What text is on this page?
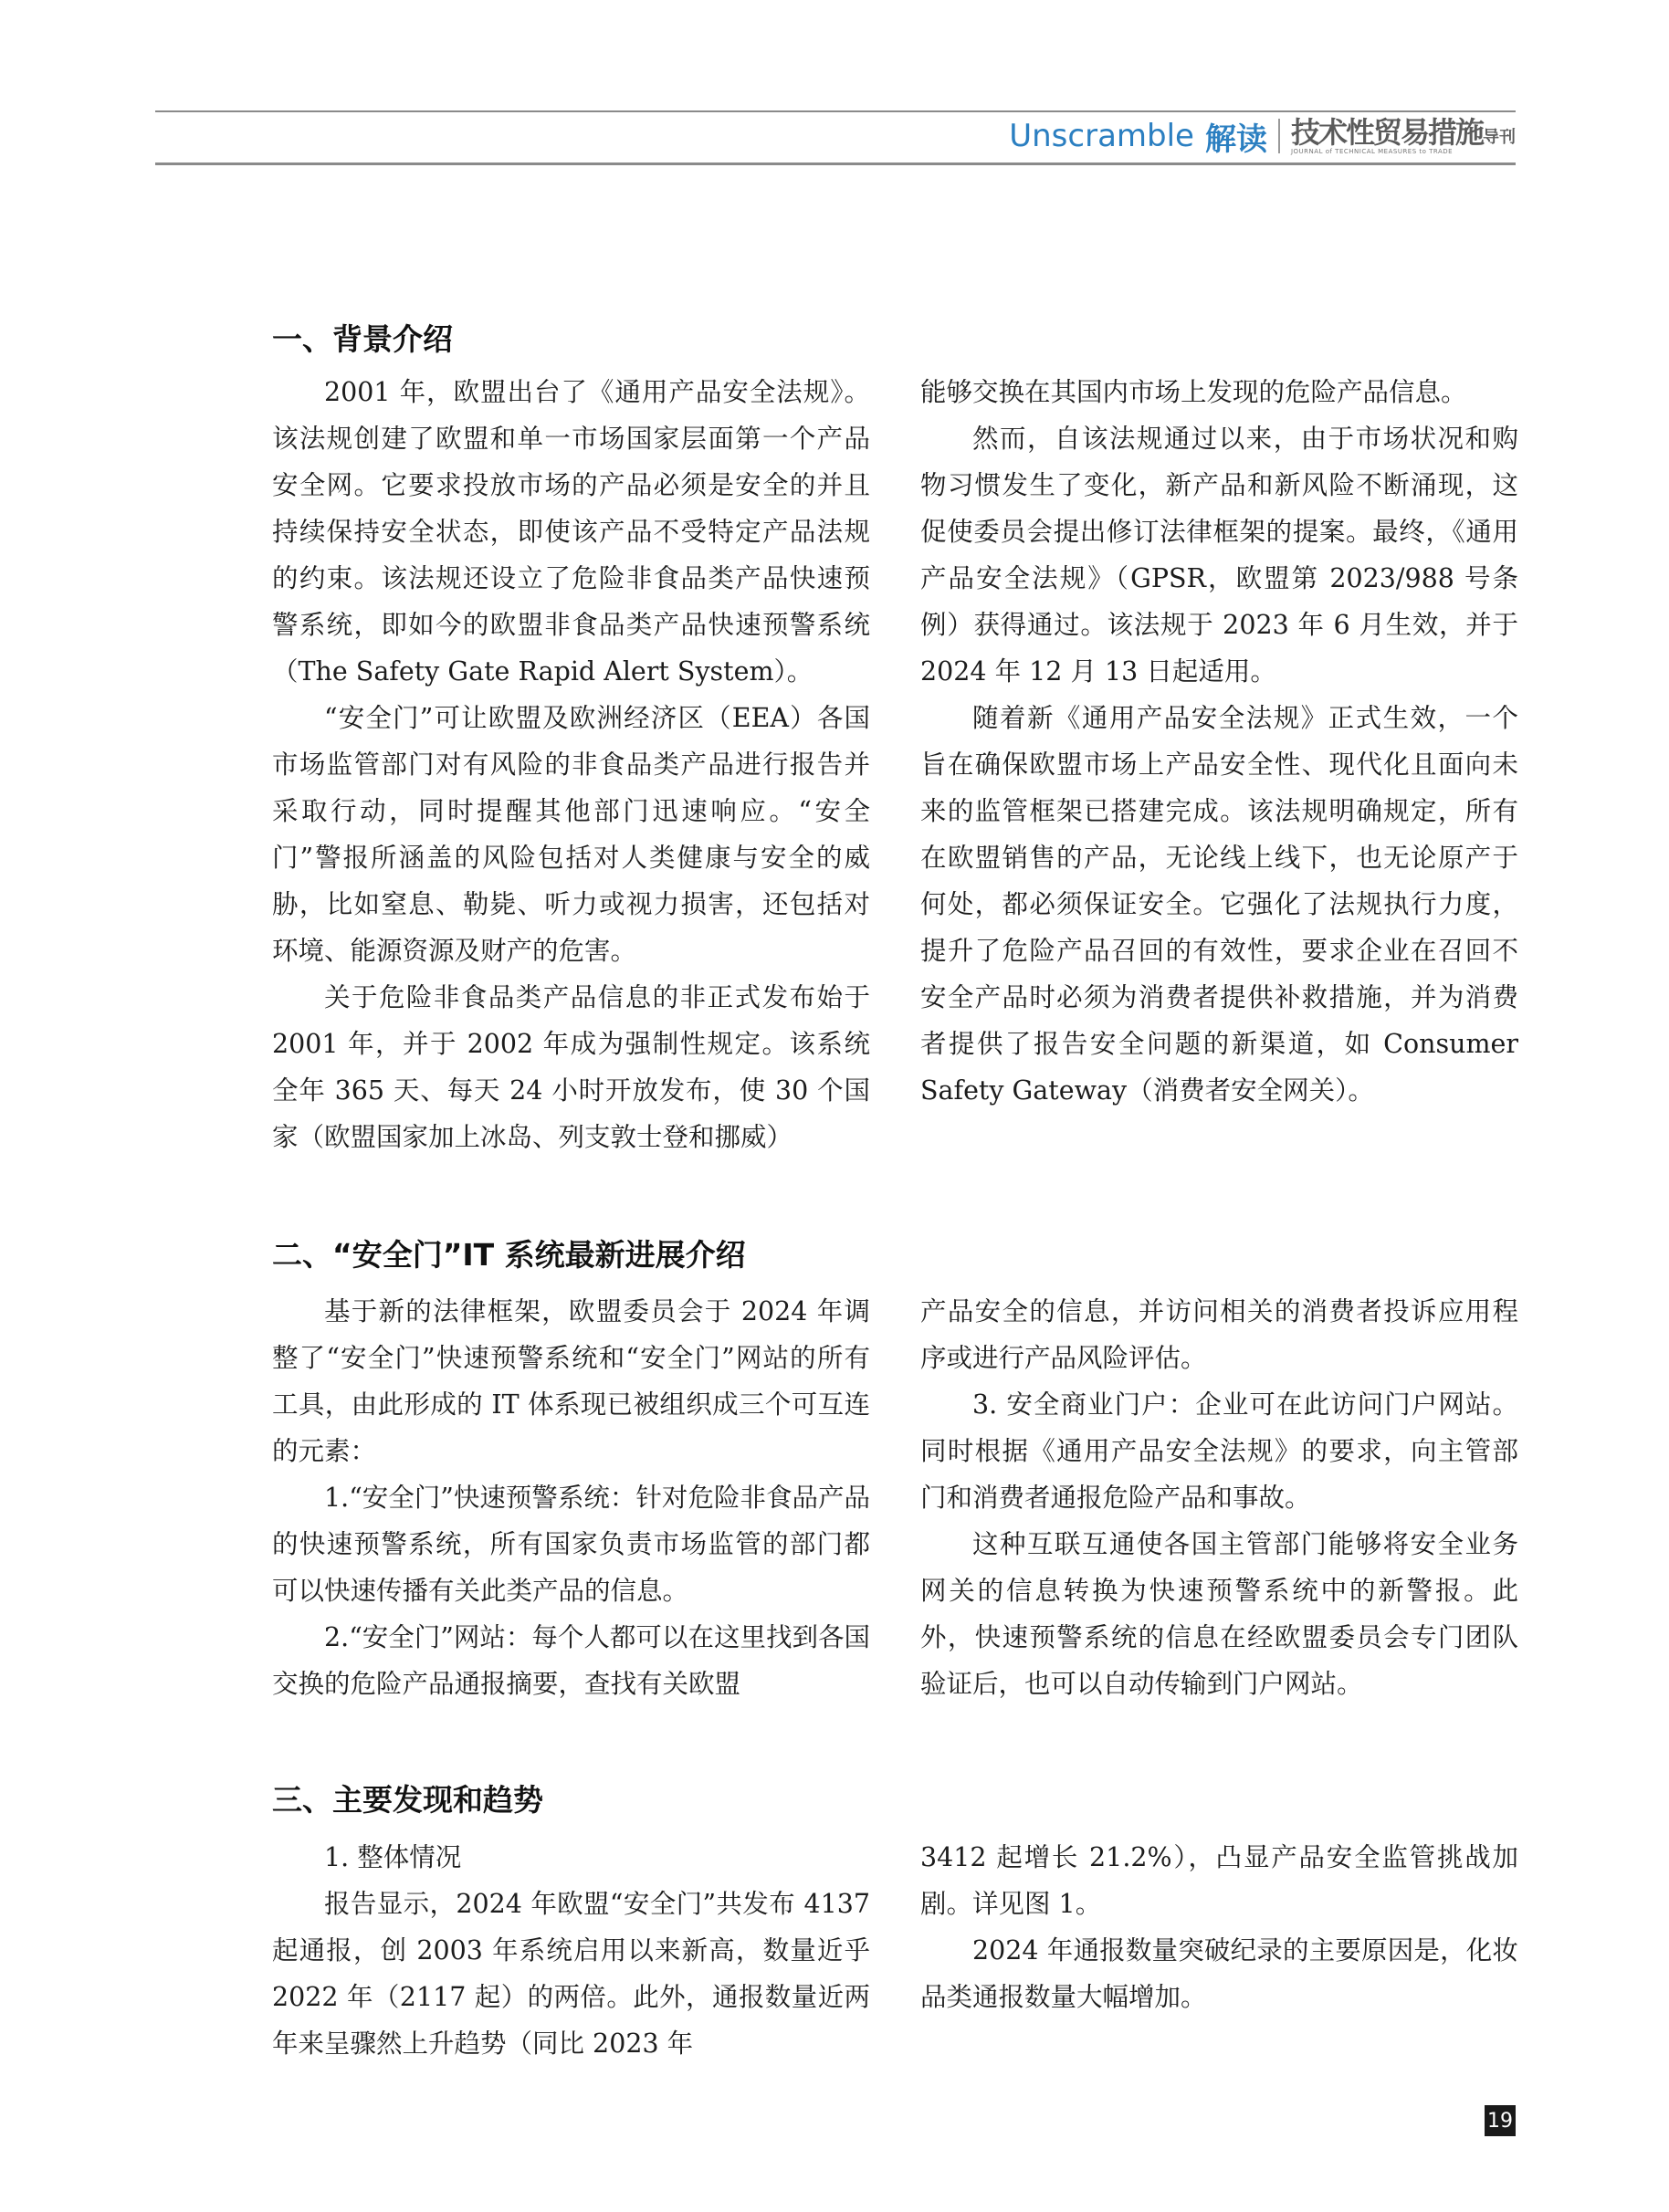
Unscramble 解读 技术性贸易措施导刊
JOURNAL of TECHNICAL MEASURES to TRADE
一、背景介绍

2001 年，欧盟出台了《通用产品安全法规》。该法规创建了欧盟和单一市场国家层面第一个产品安全网。它要求投放市场的产品必须是安全的并且持续保持安全状态，即使该产品不受特定产品法规的约束。该法规还设立了危险非食品类产品快速预警系统，即如今的欧盟非食品类产品快速预警系统（The Safety Gate Rapid Alert System）。

“安全门”可让欧盟及欧洲经济区（EEA）各国市场监管部门对有风险的非食品类产品进行报告并采取行动，同时提醒其他部门迅速响应。“安全门”警报所涵盖的风险包括对人类健康与安全的威胁，比如窒息、勒毙、听力或视力损害，还包括对环境、能源资源及财产的危害。

关于危险非食品类产品信息的非正式发布始于 2001 年，并于 2002 年成为强制性规定。该系统全年 365 天、每天 24 小时开放发布，使 30 个国家（欧盟国家加上冰岛、列支敦士登和挪威）

能够交换在其国内市场上发现的危险产品信息。

然而，自该法规通过以来，由于市场状况和购物习惯发生了变化，新产品和新风险不断涌现，这促使委员会提出修订法律框架的提案。最终，《通用产品安全法规》（GPSR，欧盟第 2023/988 号条例）获得通过。该法规于 2023 年 6 月生效，并于 2024 年 12 月 13 日起适用。

随着新《通用产品安全法规》正式生效，一个旨在确保欧盟市场上产品安全性、现代化且面向未来的监管框架已搭建完成。该法规明确规定，所有在欧盟销售的产品，无论线上线下，也无论原产于何处，都必须保证安全。它强化了法规执行力度，提升了危险产品召回的有效性，要求企业在召回不安全产品时必须为消费者提供补救措施，并为消费者提供了报告安全问题的新渠道，如 Consumer Safety Gateway（消费者安全网关）。

二、“安全门”IT 系统最新进展介绍

基于新的法律框架，欧盟委员会于 2024 年调整了“安全门”快速预警系统和“安全门”网站的所有工具，由此形成的 IT 体系现已被组织成三个可互连的元素：

1.“安全门”快速预警系统：针对危险非食品产品的快速预警系统，所有国家负责市场监管的部门都可以快速传播有关此类产品的信息。

2.“安全门”网站：每个人都可以在这里找到各国交换的危险产品通报摘要，查找有关欧盟

产品安全的信息，并访问相关的消费者投诉应用程序或进行产品风险评估。

3. 安全商业门户：企业可在此访问门户网站。同时根据《通用产品安全法规》的要求，向主管部门和消费者通报危险产品和事故。

这种互联互通使各国主管部门能够将安全业务网关的信息转换为快速预警系统中的新警报。此外，快速预警系统的信息在经欧盟委员会专门团队验证后，也可以自动传输到门户网站。

三、主要发现和趋势

1. 整体情况

报告显示，2024 年欧盟“安全门”共发布 4137 起通报，创 2003 年系统启用以来新高，数量近乎 2022 年（2117 起）的两倍。此外，通报数量近两年来呈骤然上升趋势（同比 2023 年

3412 起增长 21.2%），凸显产品安全监管挑战加剧。详见图 1。

2024 年通报数量突破纪录的主要原因是，化妆品类通报数量大幅增加。

19
